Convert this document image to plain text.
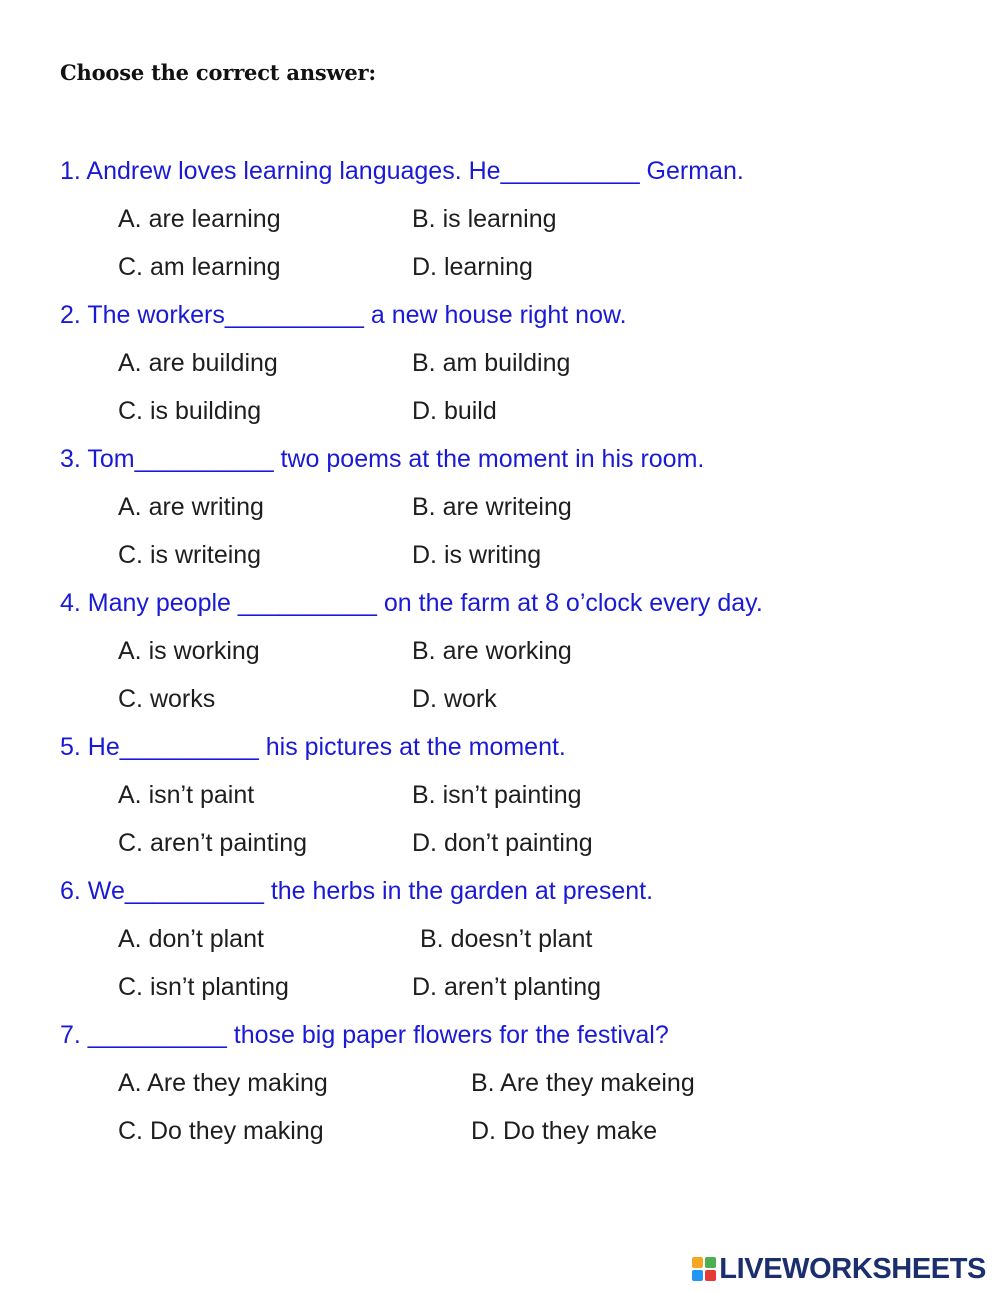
Choose the correct answer:
1. Andrew loves learning languages. He__________ German.
A. are learning	B. is learning
C. am learning	D. learning
2. The workers__________ a new house right now.
A. are building	B. am building
C. is building	D. build
3. Tom__________ two poems at the moment in his room.
A. are writing	B. are writeing
C. is writeing	D. is writing
4. Many people __________ on the farm at 8 o’clock every day.
A. is working	B. are working
C. works	D. work
5. He__________ his pictures at the moment.
A. isn’t paint	B. isn’t painting
C. aren’t painting	D. don’t painting
6. We__________ the herbs in the garden at present.
A. don’t plant	B. doesn’t plant
C. isn’t planting	D. aren’t planting
7. __________ those big paper flowers for the festival?
A. Are they making	B. Are they makeing
C. Do they making	D. Do they make
LIVEWORKSHEETS
